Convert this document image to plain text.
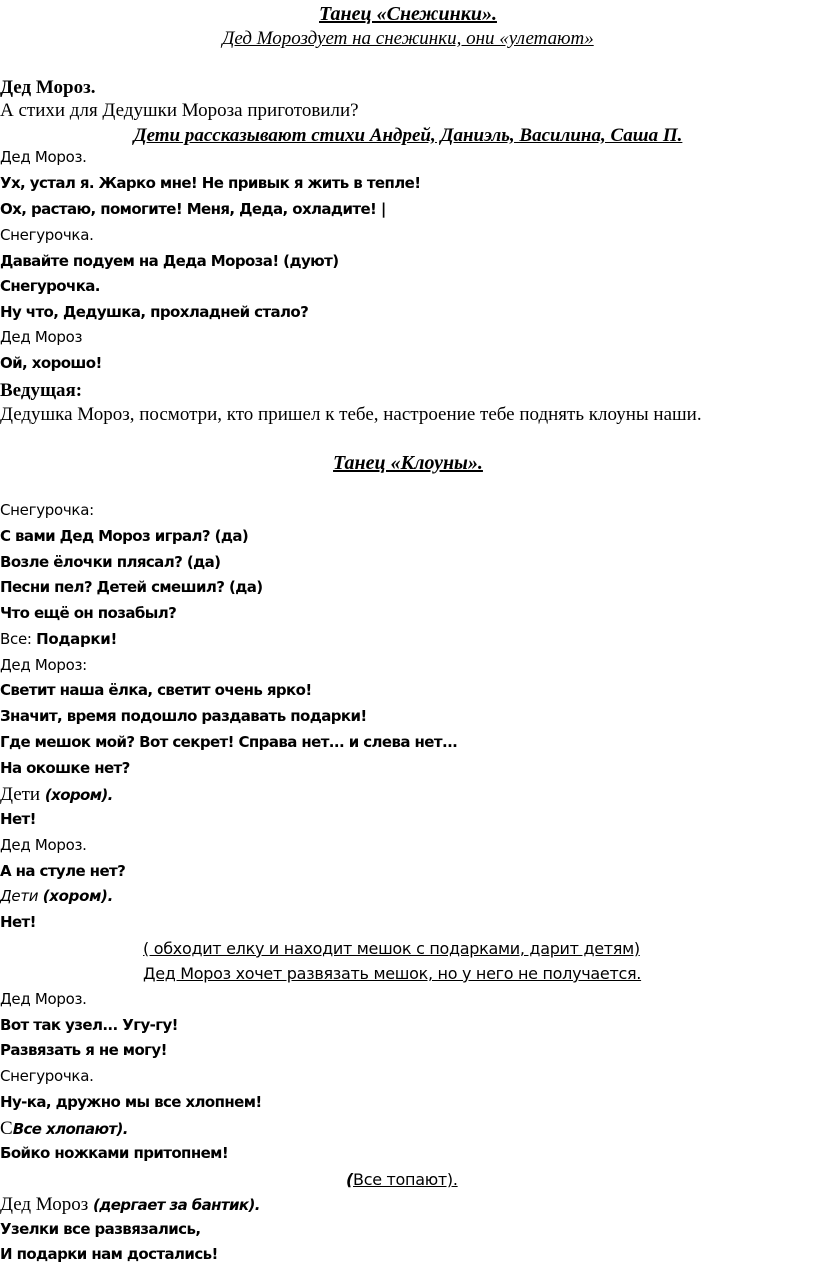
Танец «Снежинки».
Дед Мороздует на снежинки, они «улетают»
Дед Мороз.
А стихи для Дедушки Мороза приготовили?
Дети рассказывают стихи Андрей, Даниэль, Василина, Саша П.
Дед Мороз.
Ух, устал я. Жарко мне! Не привык я жить в тепле!
Ох, растаю, помогите! Меня, Деда, охладите! |
Снегурочка.
Давайте подуем на Деда Мороза! (дуют)
Снегурочка.
Ну что, Дедушка, прохладней стало?
Дед Мороз
Ой, хорошо!
Ведущая:
Дедушка Мороз, посмотри, кто пришел к тебе, настроение тебе поднять клоуны наши.
Танец «Клоуны».
Снегурочка:
С вами Дед Мороз играл? (да)
Возле ёлочки плясал? (да)
Песни пел? Детей смешил? (да)
Что ещё он позабыл?
Все: Подарки!
Дед Мороз:
Светит наша ёлка, светит очень ярко!
Значит, время подошло раздавать подарки!
Где мешок мой? Вот секрет! Справа нет... и слева нет...
На окошке нет?
Дети (хором).
Нет!
Дед Мороз.
А на стуле нет?
Дети (хором).
Нет!
( обходит елку и находит мешок с подарками, дарит детям)
Дед Мороз хочет развязать мешок, но у него не получается.
Дед Мороз.
Вот так узел... Угу-гу!
Развязать я не могу!
Снегурочка.
Ну-ка, дружно мы все хлопнем!
СВсе хлопают).
Бойко ножками притопнем!
(Все топают).
Дед Мороз (дергает за бантик).
Узелки все развязались,
И подарки нам достались!
